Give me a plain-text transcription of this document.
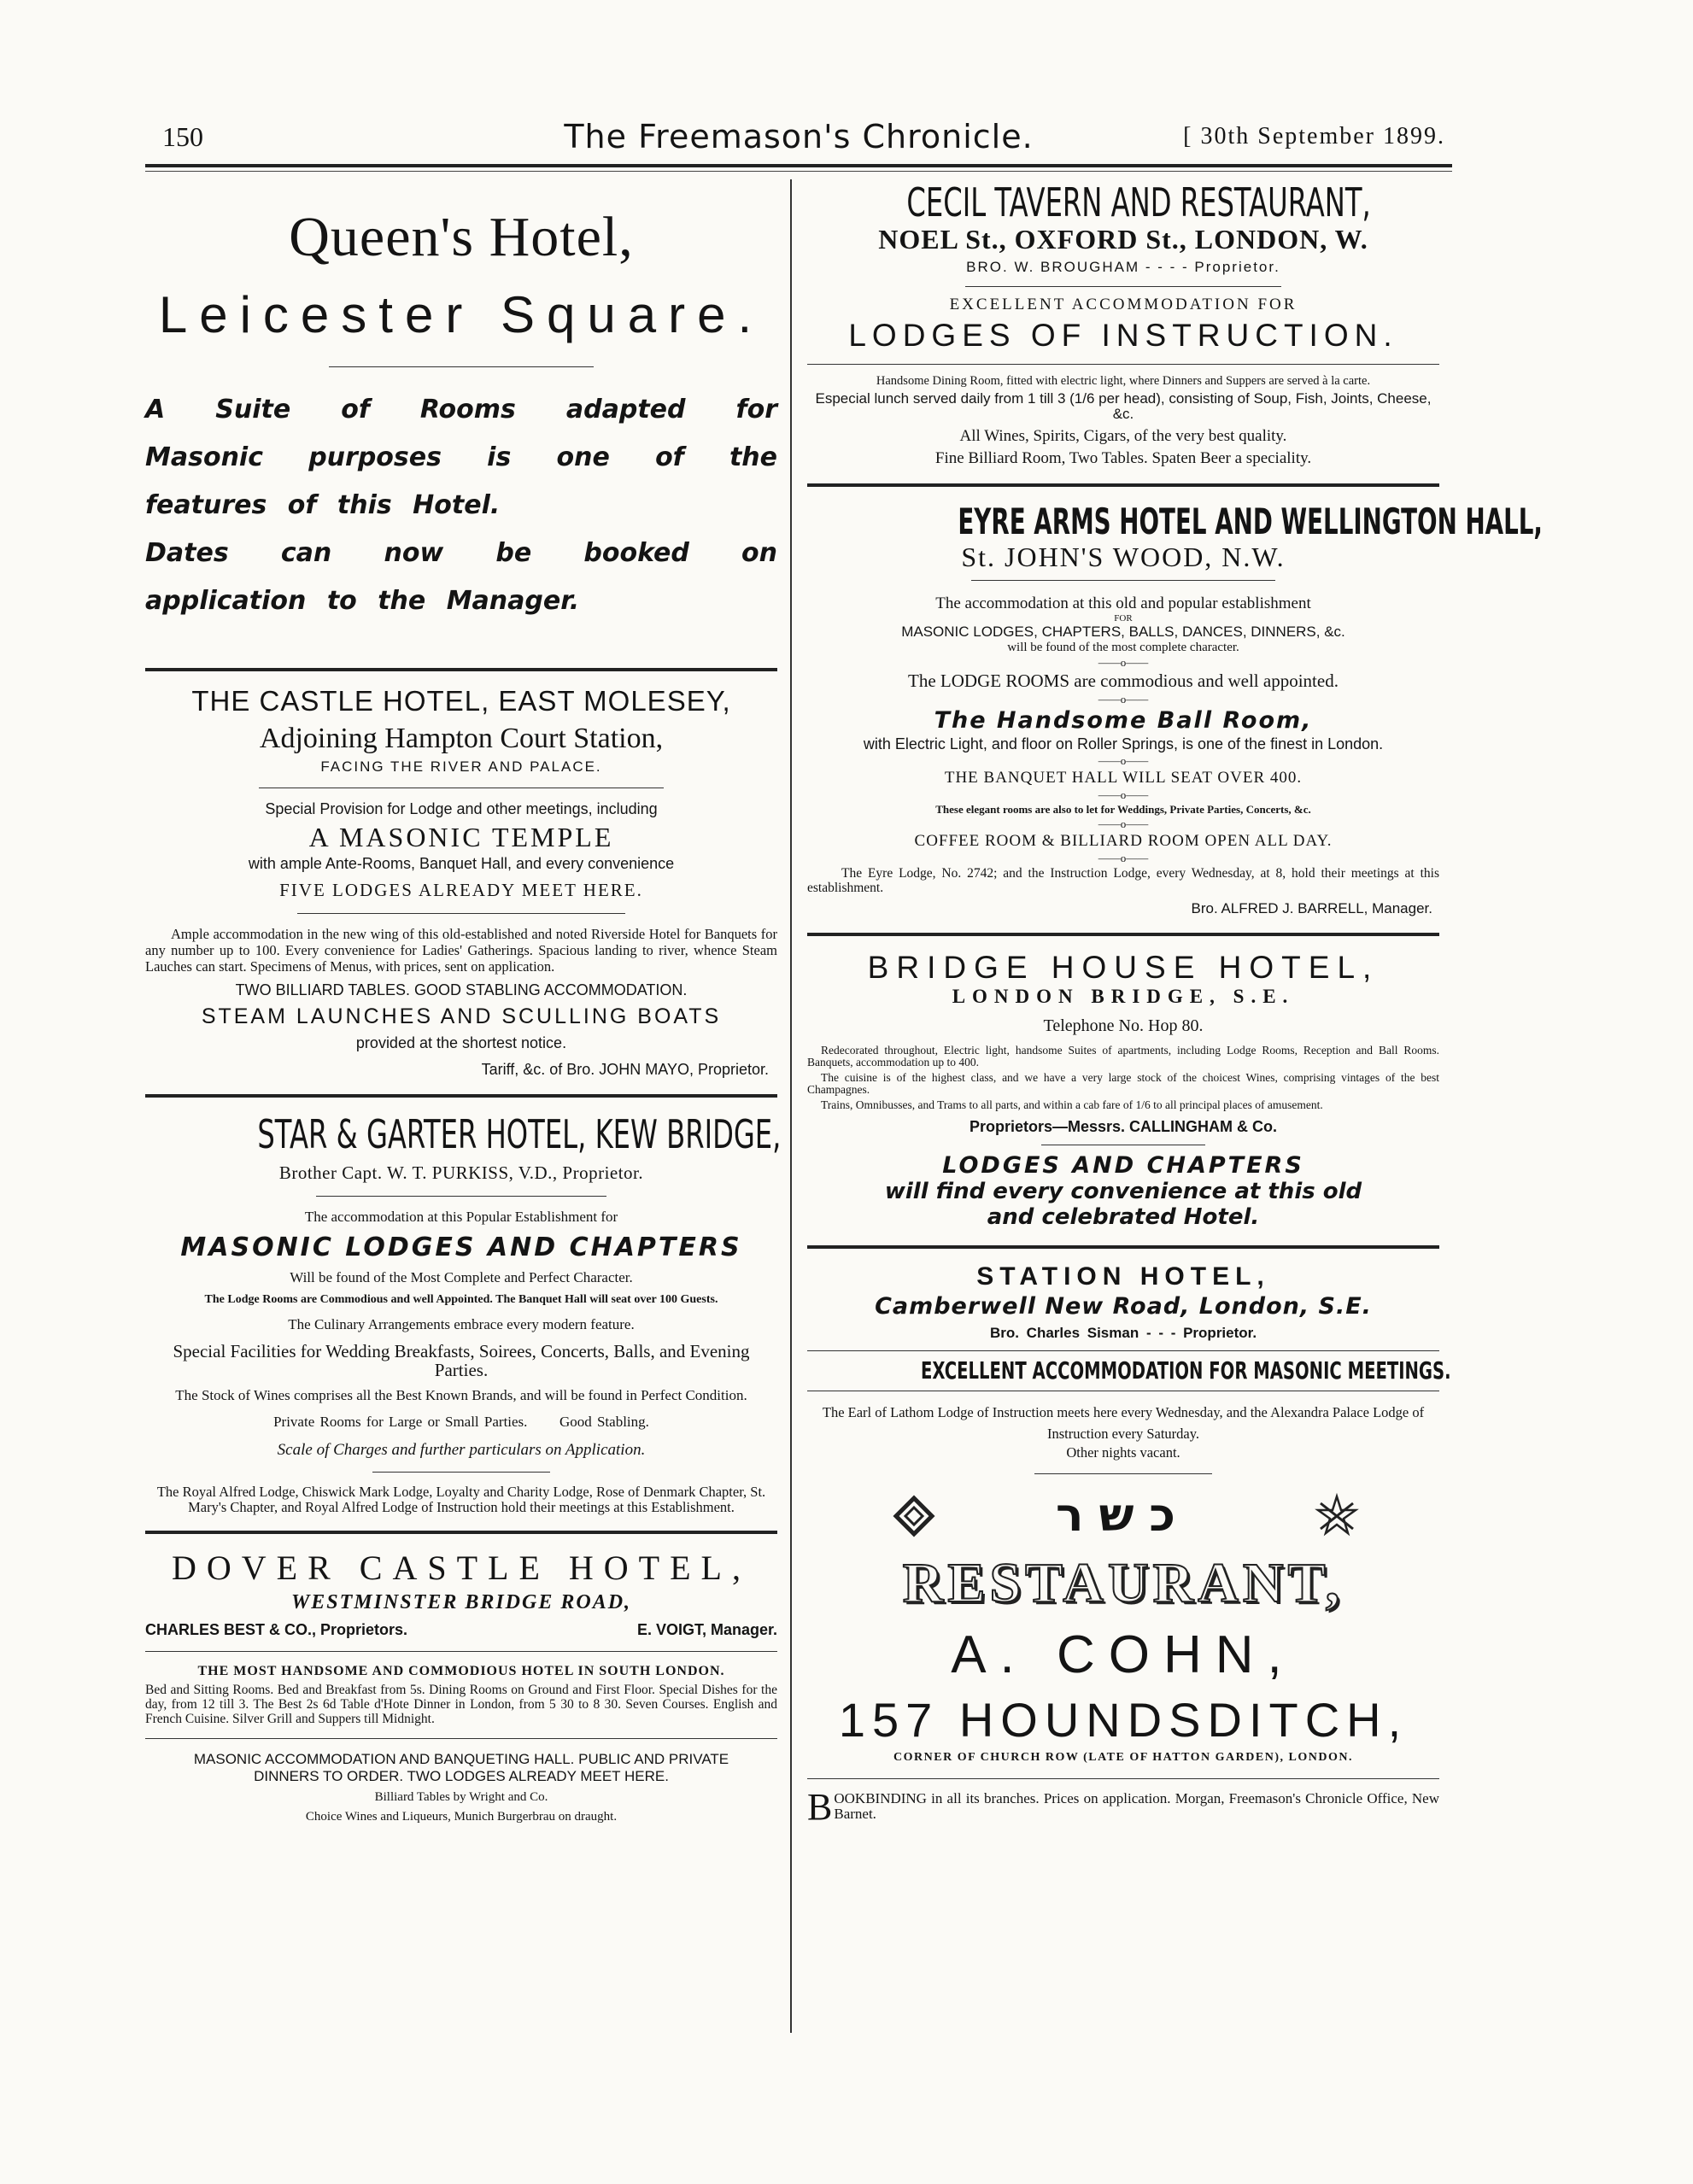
150	The Freemason's Chronicle.	[ 30th September 1899.

Queen's Hotel,

Leicester Square.

A Suite of Rooms adapted for

Masonic purposes is one of the

features of this Hotel.

Dates can now be booked on

application to the Manager.

THE CASTLE HOTEL, EAST MOLESEY,

Adjoining Hampton Court Station,

FACING THE RIVER AND PALACE.

Special Provision for Lodge and other meetings, including

A MASONIC TEMPLE

with ample Ante-Rooms, Banquet Hall, and every convenience

FIVE LODGES ALREADY MEET HERE.

Ample accommodation in the new wing of this old-established and noted Riverside Hotel for Banquets for any number up to 100. Every convenience for Ladies' Gatherings. Spacious landing to river, whence Steam Lauches can start. Specimens of Menus, with prices, sent on application.

TWO BILLIARD TABLES. GOOD STABLING ACCOMMODATION.

STEAM LAUNCHES AND SCULLING BOATS

provided at the shortest notice.

Tariff, &c. of Bro. JOHN MAYO, Proprietor.

STAR & GARTER HOTEL, KEW BRIDGE,

Brother Capt. W. T. PURKISS, V.D., Proprietor.

The accommodation at this Popular Establishment for

MASONIC LODGES AND CHAPTERS

Will be found of the Most Complete and Perfect Character.

The Lodge Rooms are Commodious and well Appointed. The Banquet Hall will seat over 100 Guests.

The Culinary Arrangements embrace every modern feature.

Special Facilities for Wedding Breakfasts, Soirees, Concerts, Balls, and Evening Parties.

The Stock of Wines comprises all the Best Known Brands, and will be found in Perfect Condition.

Private Rooms for Large or Small Parties. Good Stabling.

Scale of Charges and further particulars on Application.

The Royal Alfred Lodge, Chiswick Mark Lodge, Loyalty and Charity Lodge, Rose of Denmark Chapter, St. Mary's Chapter, and Royal Alfred Lodge of Instruction hold their meetings at this Establishment.

DOVER CASTLE HOTEL,

WESTMINSTER BRIDGE ROAD,

CHARLES BEST & CO., Proprietors.	E. VOIGT, Manager.

THE MOST HANDSOME AND COMMODIOUS HOTEL IN SOUTH LONDON.

Bed and Sitting Rooms. Bed and Breakfast from 5s. Dining Rooms on Ground and First Floor. Special Dishes for the day, from 12 till 3. The Best 2s 6d Table d'Hote Dinner in London, from 5 30 to 8 30. Seven Courses. English and French Cuisine. Silver Grill and Suppers till Midnight.

MASONIC ACCOMMODATION AND BANQUETING HALL. PUBLIC AND PRIVATE DINNERS TO ORDER. TWO LODGES ALREADY MEET HERE.

Billiard Tables by Wright and Co.

Choice Wines and Liqueurs, Munich Burgerbrau on draught.

CECIL TAVERN AND RESTAURANT,

NOEL St., OXFORD St., LONDON, W.

BRO. W. BROUGHAM - - - - Proprietor.

EXCELLENT ACCOMMODATION FOR

LODGES OF INSTRUCTION.

Handsome Dining Room, fitted with electric light, where Dinners and Suppers are served à la carte.

Especial lunch served daily from 1 till 3 (1/6 per head), consisting of Soup, Fish, Joints, Cheese, &c.

All Wines, Spirits, Cigars, of the very best quality.

Fine Billiard Room, Two Tables. Spaten Beer a speciality.

EYRE ARMS HOTEL AND WELLINGTON HALL,

St. JOHN'S WOOD, N.W.

The accommodation at this old and popular establishment

FOR

MASONIC LODGES, CHAPTERS, BALLS, DANCES, DINNERS, &c.

will be found of the most complete character.

——o——

The LODGE ROOMS are commodious and well appointed.

——o——

The Handsome Ball Room,

with Electric Light, and floor on Roller Springs, is one of the finest in London.

——o——

THE BANQUET HALL WILL SEAT OVER 400.

——o——

These elegant rooms are also to let for Weddings, Private Parties, Concerts, &c.

——o——

COFFEE ROOM & BILLIARD ROOM OPEN ALL DAY.

——o——

The Eyre Lodge, No. 2742; and the Instruction Lodge, every Wednesday, at 8, hold their meetings at this establishment.

Bro. ALFRED J. BARRELL, Manager.

BRIDGE HOUSE HOTEL,

LONDON BRIDGE, S.E.

Telephone No. Hop 80.

Redecorated throughout, Electric light, handsome Suites of apartments, including Lodge Rooms, Reception and Ball Rooms. Banquets, accommodation up to 400.

The cuisine is of the highest class, and we have a very large stock of the choicest Wines, comprising vintages of the best Champagnes.

Trains, Omnibusses, and Trams to all parts, and within a cab fare of 1/6 to all principal places of amusement.

Proprietors—Messrs. CALLINGHAM & Co.

LODGES AND CHAPTERS

will find every convenience at this old

and celebrated Hotel.

STATION HOTEL,

Camberwell New Road, London, S.E.

Bro. Charles Sisman - - - Proprietor.

EXCELLENT ACCOMMODATION FOR MASONIC MEETINGS.

The Earl of Lathom Lodge of Instruction meets here every Wednesday, and the Alexandra Palace Lodge of Instruction every Saturday.

Other nights vacant.

כשר

RESTAURANT,

A. COHN,

157 HOUNDSDITCH,

CORNER OF CHURCH ROW (LATE OF HATTON GARDEN), LONDON.

B OOKBINDING in all its branches. Prices on application. Morgan, Freemason's Chronicle Office, New Barnet.
